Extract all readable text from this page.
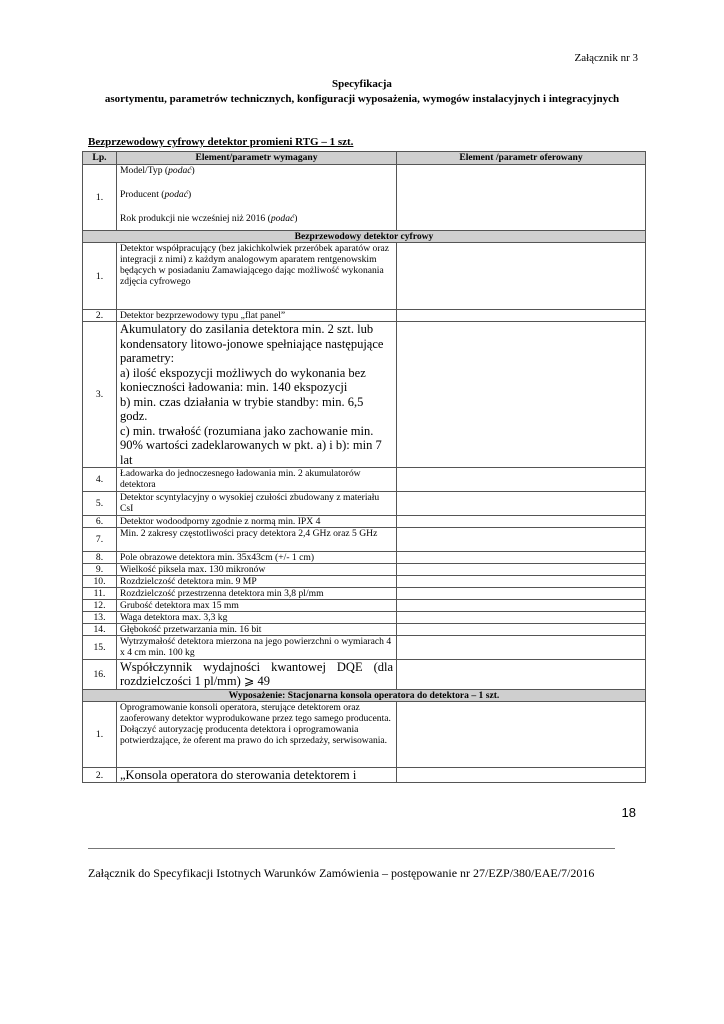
Załącznik nr 3
Specyfikacja
asortymentu, parametrów technicznych, konfiguracji wyposażenia, wymogów instalacyjnych i integracyjnych
Bezprzewodowy cyfrowy detektor promieni RTG – 1 szt.
Lp.	Element/parametr wymagany	Element /parametr oferowany
1.	Model/Typ (podać)
Producent (podać)
Rok produkcji nie wcześniej niż 2016 (podać)	

Bezprzewodowy detektor cyfrowy		
1.	Detektor współpracujący (bez jakichkolwiek przeróbek aparatów oraz integracji z nimi) z każdym analogowym aparatem rentgenowskim będących w posiadaniu Zamawiającego dając możliwość wykonania zdjęcia cyfrowego	
2.	Detektor bezprzewodowy typu „flat panel”	
3.	Akumulatory do zasilania detektora min. 2 szt. lub kondensatory litowo-jonowe spełniające następujące parametry:
a) ilość ekspozycji możliwych do wykonania bez konieczności ładowania: min. 140 ekspozycji
b) min. czas działania w trybie standby: min. 6,5 godz.
c) min. trwałość (rozumiana jako zachowanie min. 90% wartości zadeklarowanych w pkt. a) i b): min 7 lat	
4.	Ładowarka do jednoczesnego ładowania min. 2 akumulatorów detektora	
5.	Detektor scyntylacyjny o wysokiej czułości zbudowany z materiału CsI	
6.	Detektor wodoodporny zgodnie z normą min. IPX 4	
7.	Min. 2 zakresy częstotliwości pracy detektora 2,4 GHz oraz 5 GHz	
8.	Pole obrazowe detektora min. 35x43cm (+/- 1 cm)	
9.	Wielkość piksela max. 130 mikronów	
10.	Rozdzielczość detektora min. 9 MP	
11.	Rozdzielczość przestrzenna detektora min 3,8 pl/mm	
12.	Grubość detektora max 15 mm	
13.	Waga detektora max. 3,3 kg	
14.	Głębokość przetwarzania min. 16 bit	
15.	Wytrzymałość detektora mierzona na jego powierzchni o wymiarach 4 x 4 cm min. 100 kg	
16.	Współczynnik wydajności kwantowej DQE (dla rozdzielczości 1 pl/mm) ⩾ 49	
Wyposażenie: Stacjonarna konsola operatora do detektora – 1 szt.		
1.	Oprogramowanie konsoli operatora, sterujące detektorem oraz zaoferowany detektor wyprodukowane przez tego samego producenta. Dołączyć autoryzację producenta detektora i oprogramowania potwierdzające, że oferent ma prawo do ich sprzedaży, serwisowania.	
2.	„Konsola operatora do sterowania detektorem i	
18
Załącznik do Specyfikacji Istotnych Warunków Zamówienia – postępowanie nr 27/EZP/380/EAE/7/2016
